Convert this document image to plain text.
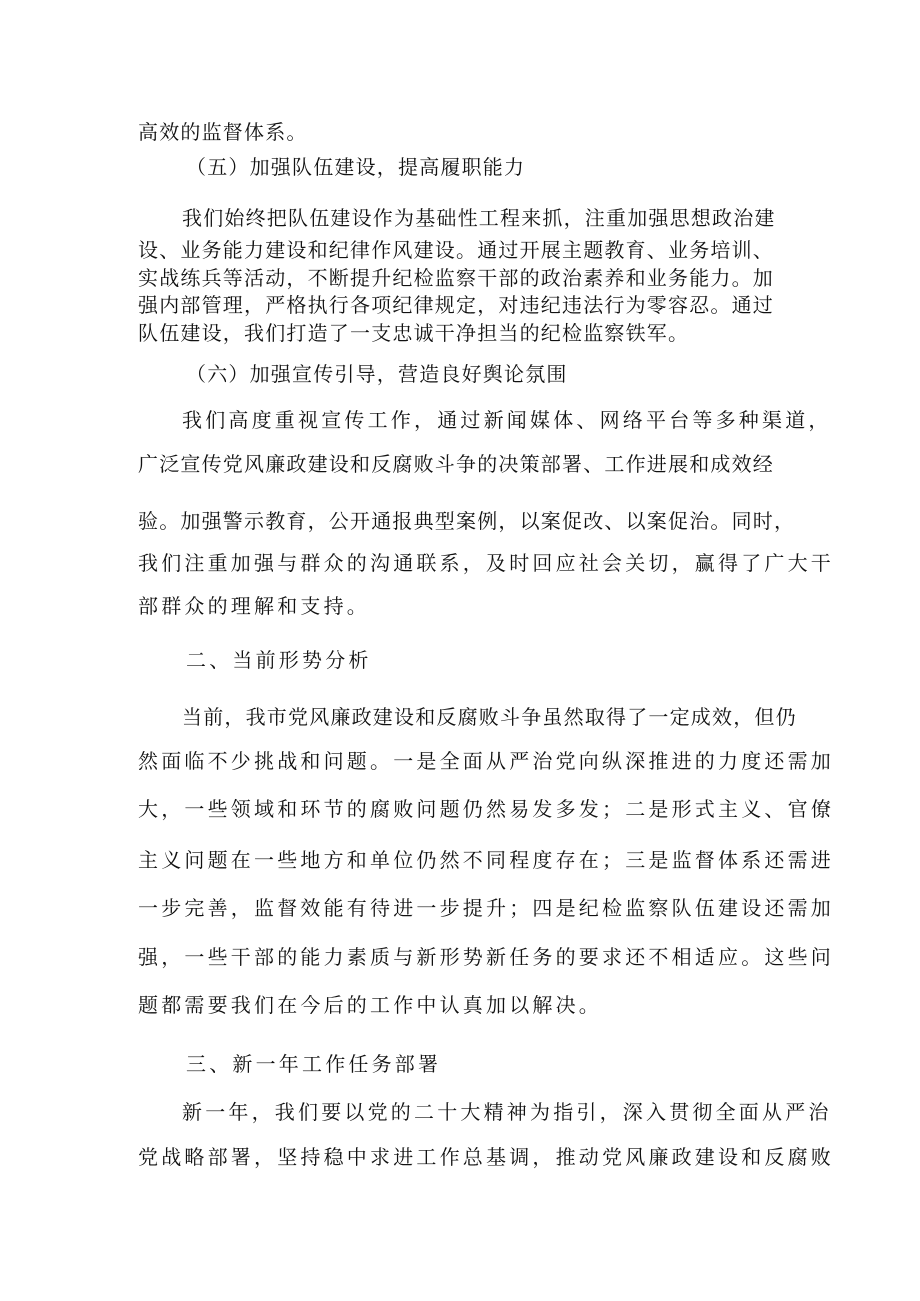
高效的监督体系。
（五）加强队伍建设，提高履职能力
我们始终把队伍建设作为基础性工程来抓，注重加强思想政治建
设、业务能力建设和纪律作风建设。通过开展主题教育、业务培训、
实战练兵等活动，不断提升纪检监察干部的政治素养和业务能力。加
强内部管理，严格执行各项纪律规定，对违纪违法行为零容忍。通过
队伍建设，我们打造了一支忠诚干净担当的纪检监察铁军。
（六）加强宣传引导，营造良好舆论氛围
我们高度重视宣传工作，通过新闻媒体、网络平台等多种渠道，
广泛宣传党风廉政建设和反腐败斗争的决策部署、工作进展和成效经
验。加强警示教育，公开通报典型案例，以案促改、以案促治。同时，
我们注重加强与群众的沟通联系，及时回应社会关切，赢得了广大干
部群众的理解和支持。
二、当前形势分析
当前，我市党风廉政建设和反腐败斗争虽然取得了一定成效，但仍
然面临不少挑战和问题。一是全面从严治党向纵深推进的力度还需加
大，一些领域和环节的腐败问题仍然易发多发；二是形式主义、官僚
主义问题在一些地方和单位仍然不同程度存在；三是监督体系还需进
一步完善，监督效能有待进一步提升；四是纪检监察队伍建设还需加
强，一些干部的能力素质与新形势新任务的要求还不相适应。这些问
题都需要我们在今后的工作中认真加以解决。
三、新一年工作任务部署
新一年，我们要以党的二十大精神为指引，深入贯彻全面从严治
党战略部署，坚持稳中求进工作总基调，推动党风廉政建设和反腐败
